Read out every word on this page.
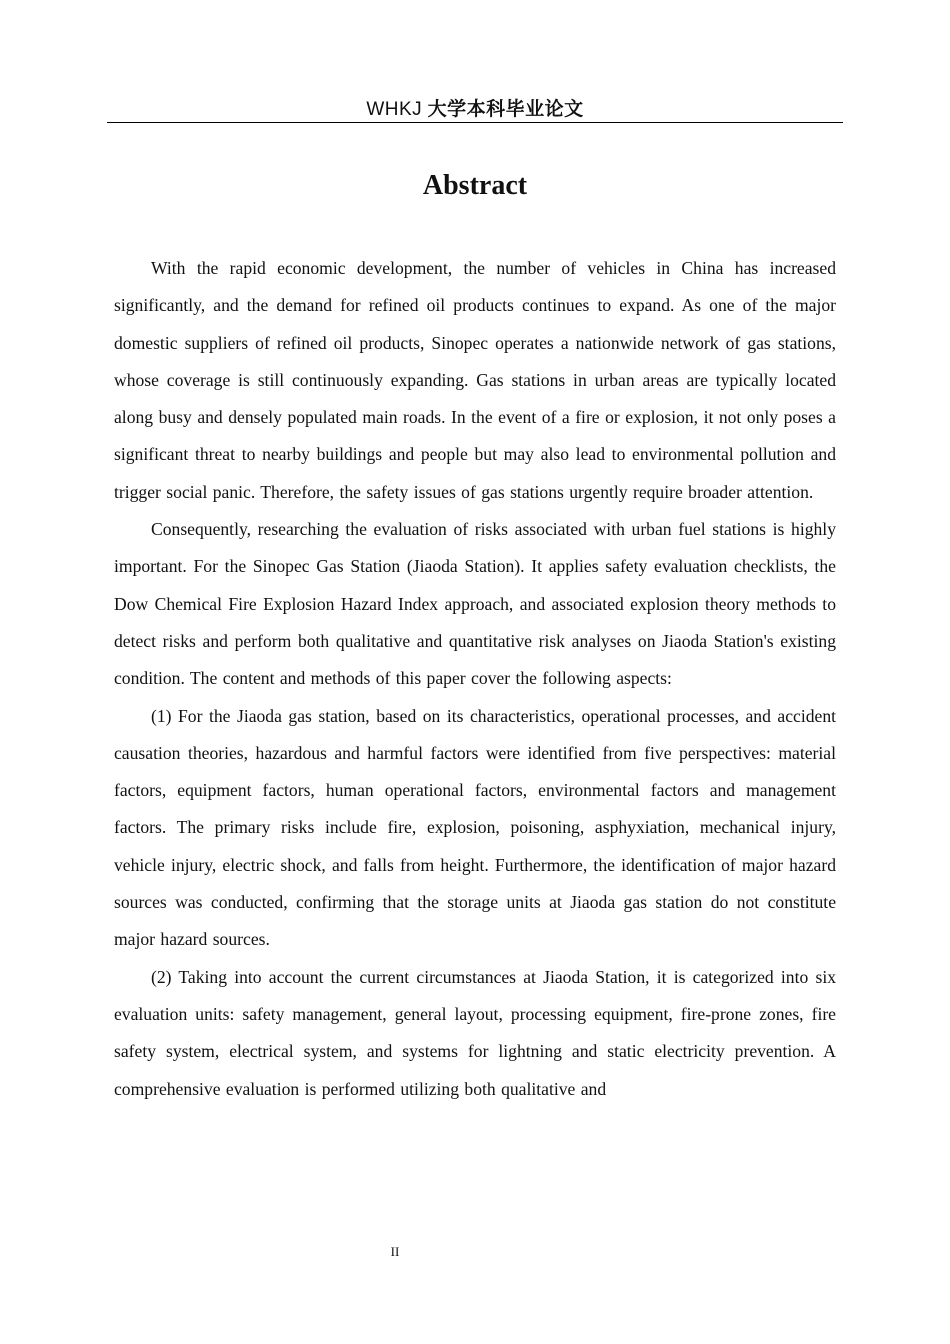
WHKJ 大学本科毕业论文
Abstract

With the rapid economic development, the number of vehicles in China has increased significantly, and the demand for refined oil products continues to expand. As one of the major domestic suppliers of refined oil products, Sinopec operates a nationwide network of gas stations, whose coverage is still continuously expanding. Gas stations in urban areas are typically located along busy and densely populated main roads. In the event of a fire or explosion, it not only poses a significant threat to nearby buildings and people but may also lead to environmental pollution and trigger social panic. Therefore, the safety issues of gas stations urgently require broader attention.

Consequently, researching the evaluation of risks associated with urban fuel stations is highly important. For the Sinopec Gas Station (Jiaoda Station). It applies safety evaluation checklists, the Dow Chemical Fire Explosion Hazard Index approach, and associated explosion theory methods to detect risks and perform both qualitative and quantitative risk analyses on Jiaoda Station's existing condition. The content and methods of this paper cover the following aspects:

(1) For the Jiaoda gas station, based on its characteristics, operational processes, and accident causation theories, hazardous and harmful factors were identified from five perspectives: material factors, equipment factors, human operational factors, environmental factors and management factors. The primary risks include fire, explosion, poisoning, asphyxiation, mechanical injury, vehicle injury, electric shock, and falls from height. Furthermore, the identification of major hazard sources was conducted, confirming that the storage units at Jiaoda gas station do not constitute major hazard sources.

(2) Taking into account the current circumstances at Jiaoda Station, it is categorized into six evaluation units: safety management, general layout, processing equipment, fire-prone zones, fire safety system, electrical system, and systems for lightning and static electricity prevention. A comprehensive evaluation is performed utilizing both qualitative and

II
